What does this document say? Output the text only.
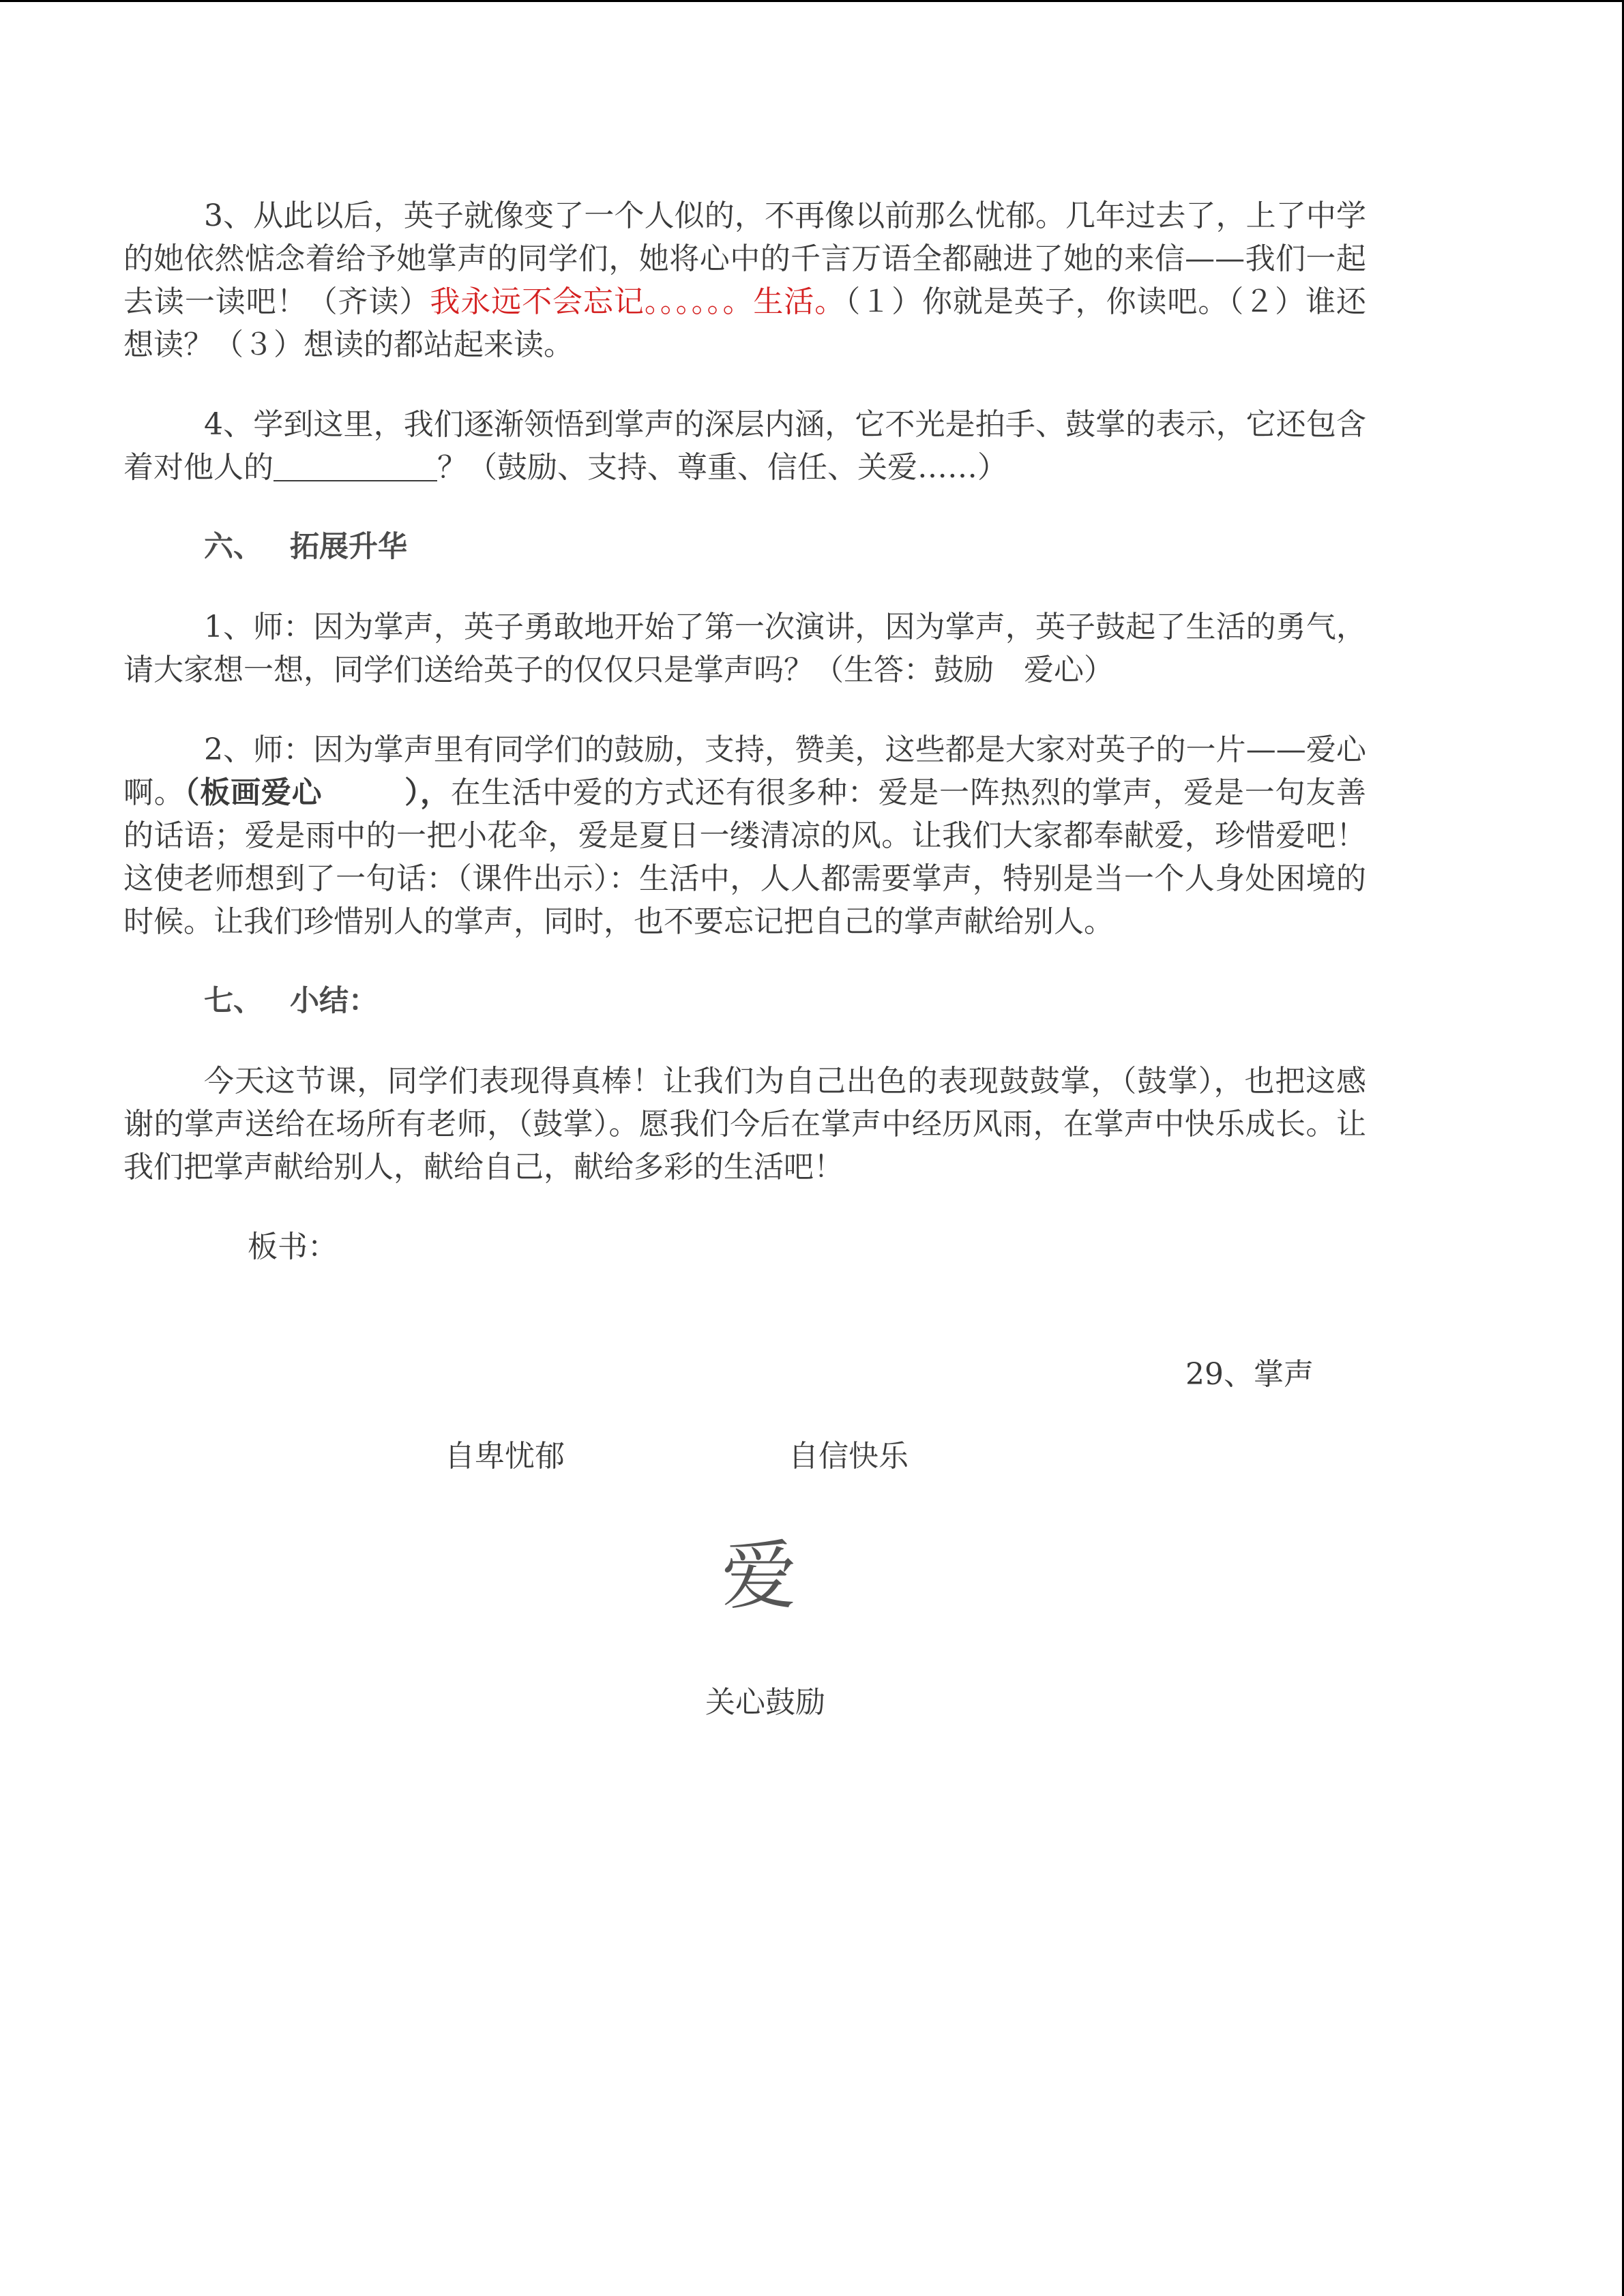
3、从此以后，英子就像变了一个人似的，不再像以前那么忧郁。几年过去了，上了中学的她依然惦念着给予她掌声的同学们，她将心中的千言万语全都融进了她的来信——我们一起去读一读吧！（齐读）我永远不会忘记。。。。。。生活。（１）你就是英子，你读吧。（２）谁还想读？（３）想读的都站起来读。

4、学到这里，我们逐渐领悟到掌声的深层内涵，它不光是拍手、鼓掌的表示，它还包含着对他人的	？（鼓励、支持、尊重、信任、关爱……）

六、 拓展升华

1、师：因为掌声，英子勇敢地开始了第一次演讲，因为掌声，英子鼓起了生活的勇气，请大家想一想，同学们送给英子的仅仅只是掌声吗？（生答：鼓励　爱心）

2、师：因为掌声里有同学们的鼓励，支持，赞美，这些都是大家对英子的一片——爱心啊。（板画爱心	），在生活中爱的方式还有很多种：爱是一阵热烈的掌声，爱是一句友善的话语；爱是雨中的一把小花伞，爱是夏日一缕清凉的风。让我们大家都奉献爱，珍惜爱吧！这使老师想到了一句话：（课件出示）：生活中，人人都需要掌声，特别是当一个人身处困境的时候。让我们珍惜别人的掌声，同时，也不要忘记把自己的掌声献给别人。

七、 小结：

今天这节课，同学们表现得真棒！让我们为自己出色的表现鼓鼓掌，（鼓掌），也把这感谢的掌声送给在场所有老师，（鼓掌）。愿我们今后在掌声中经历风雨，在掌声中快乐成长。让我们把掌声献给别人，献给自己，献给多彩的生活吧！

板书：
29、掌声
自卑忧郁	自信快乐
爱
关心鼓励
